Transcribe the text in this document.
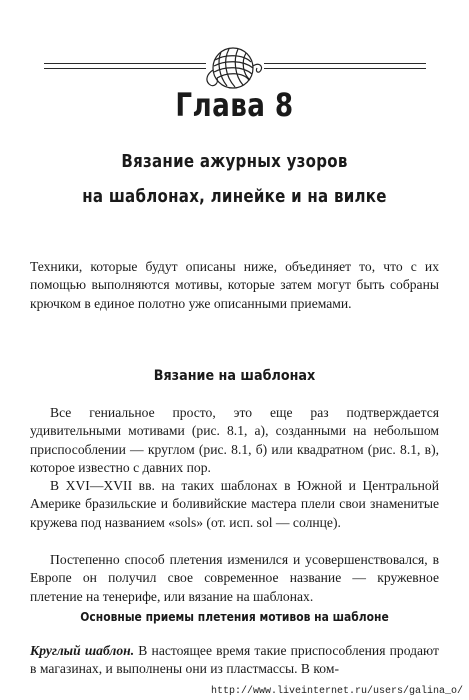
Глава 8
Вязание ажурных узоров
на шаблонах, линейке и на вилке

Техники, которые будут описаны ниже, объединяет то, что с их помощью выполняются мотивы, которые затем могут быть собраны крючком в единое полотно уже описанными приемами.

Вязание на шаблонах

Все гениальное просто, это еще раз подтверждается удивительными мотивами (рис. 8.1, а), созданными на небольшом приспособлении — круглом (рис. 8.1, б) или квадратном (рис. 8.1, в), которое известно с давних пор.

В XVI—XVII вв. на таких шаблонах в Южной и Центральной Америке бразильские и боливийские мастера плели свои знаменитые кружева под названием «sols» (от. исп. sol — солнце).

Постепенно способ плетения изменился и усовершенствовался, в Европе он получил свое современное название — кружевное плетение на тенерифе, или вязание на шаблонах.

Основные приемы плетения мотивов на шаблоне

Круглый шаблон. В настоящее время такие приспособления продают в магазинах, и выполнены они из пластмассы. В ком-

http://www.liveinternet.ru/users/galina_o/
